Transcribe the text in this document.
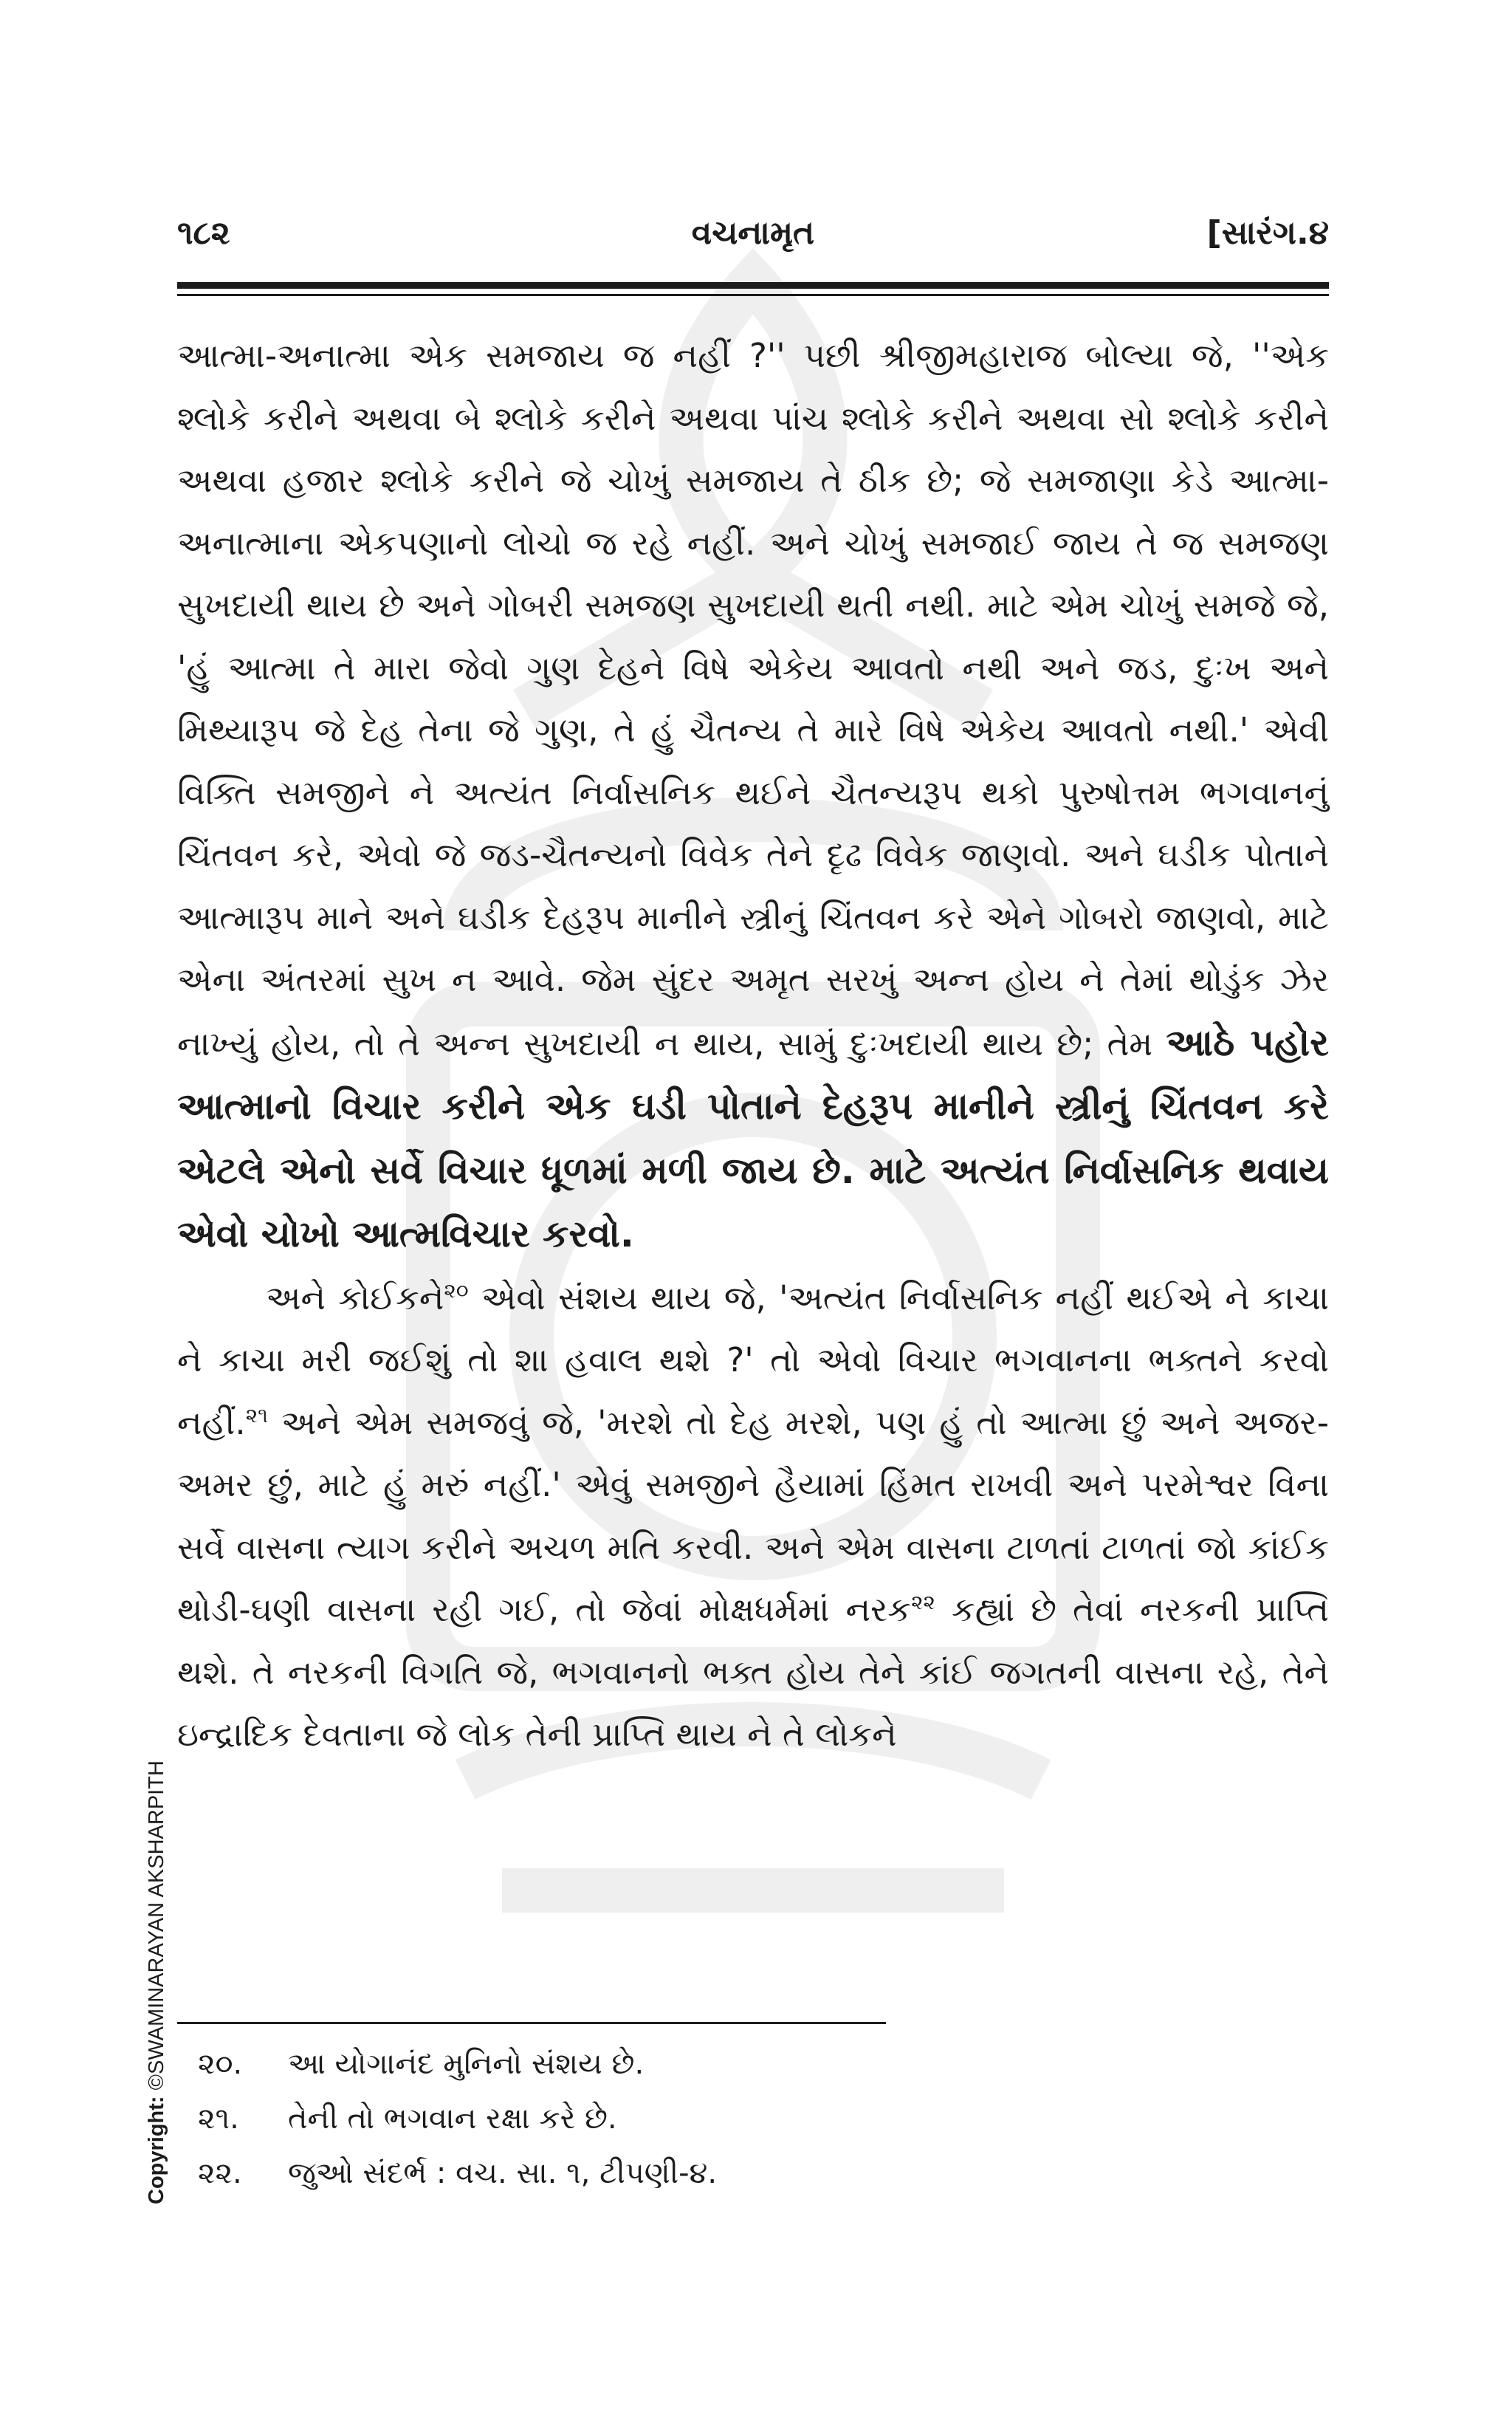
૧૮૨	વચનામૃત	[સારંગ.૪

આત્મા-અનાત્મા એક સમજાય જ નહીં ?'' પછી શ્રીજીમહારાજ બોલ્યા જે, ''એક શ્લોકે કરીને અથવા બે શ્લોકે કરીને અથવા પાંચ શ્લોકે કરીને અથવા સો શ્લોકે કરીને અથવા હજાર શ્લોકે કરીને જે ચોખું સમજાય તે ઠીક છે; જે સમજાણા કેડે આત્મા-અનાત્માના એકપણાનો લોચો જ રહે નહીં. અને ચોખું સમજાઈ જાય તે જ સમજણ સુખદાયી થાય છે અને ગોબરી સમજણ સુખદાયી થતી નથી. માટે એમ ચોખું સમજે જે, 'હું આત્મા તે મારા જેવો ગુણ દેહને વિષે એકેય આવતો નથી અને જડ, દુઃખ અને મિથ્યારૂપ જે દેહ તેના જે ગુણ, તે હું ચૈતન્ય તે મારે વિષે એકેય આવતો નથી.' એવી વિક્તિ સમજીને ને અત્યંત નિર્વાસનિક થઈને ચૈતન્યરૂપ થકો પુરુષોત્તમ ભગવાનનું ચિંતવન કરે, એવો જે જડ-ચૈતન્યનો વિવેક તેને દૃઢ વિવેક જાણવો. અને ઘડીક પોતાને આત્મારૂપ માને અને ઘડીક દેહરૂપ માનીને સ્ત્રીનું ચિંતવન કરે એને ગોબરો જાણવો, માટે એના અંતરમાં સુખ ન આવે. જેમ સુંદર અમૃત સરખું અન્ન હોય ને તેમાં થોડુંક ઝેર નાખ્યું હોય, તો તે અન્ન સુખદાયી ન થાય, સામું દુઃખદાયી થાય છે; તેમ આઠે પહોર આત્માનો વિચાર કરીને એક ઘડી પોતાને દેહરૂપ માનીને સ્ત્રીનું ચિંતવન કરે એટલે એનો સર્વે વિચાર ધૂળમાં મળી જાય છે. માટે અત્યંત નિર્વાસનિક થવાય એવો ચોખો આત્મવિચાર કરવો.

અને કોઈકને$^{૨૦}$ એવો સંશય થાય જે, 'અત્યંત નિર્વાસનિક નહીં થઈએ ને કાચા ને કાચા મરી જઈશું તો શા હવાલ થશે ?' તો એવો વિચાર ભગવાનના ભક્તને કરવો નહીં.$^{૨૧}$ અને એમ સમજવું જે, 'મરશે તો દેહ મરશે, પણ હું તો આત્મા છું અને અજર-અમર છું, માટે હું મરું નહીં.' એવું સમજીને હૈયામાં હિંમત રાખવી અને પરમેશ્વર વિના સર્વે વાસના ત્યાગ કરીને અચળ મતિ કરવી. અને એમ વાસના ટાળતાં ટાળતાં જો કાંઈક થોડી-ઘણી વાસના રહી ગઈ, તો જેવાં મોક્ષધર્મમાં નરક$^{૨૨}$ કહ્યાં છે તેવાં નરકની પ્રાપ્તિ થશે. તે નરકની વિગતિ જે, ભગવાનનો ભક્ત હોય તેને કાંઈ જગતની વાસના રહે, તેને ઇન્દ્રાદિક દેવતાના જે લોક તેની પ્રાપ્તિ થાય ને તે લોકને

૨૦. આ યોગાનંદ મુનિનો સંશય છે.
૨૧. તેની તો ભગવાન રક્ષા કરે છે.
૨૨. જુઓ સંદર્ભ : વચ. સા. ૧, ટીપણી-૪.
Copyright: ©SWAMINARAYAN AKSHARPITH
